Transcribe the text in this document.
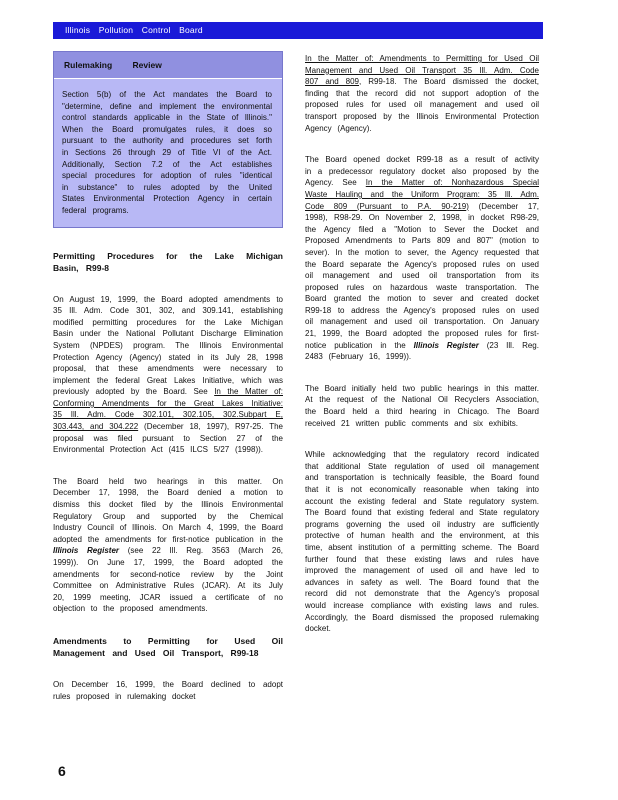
Illinois Pollution Control Board
Rulemaking Review
Section 5(b) of the Act mandates the Board to "determine, define and implement the environmental control standards applicable in the State of Illinois." When the Board promulgates rules, it does so pursuant to the authority and procedures set forth in Sections 26 through 29 of Title VI of the Act. Additionally, Section 7.2 of the Act establishes special procedures for adoption of rules "identical in substance" to rules adopted by the United States Environmental Protection Agency in certain federal programs.
Permitting Procedures for the Lake Michigan Basin, R99-8

On August 19, 1999, the Board adopted amendments to 35 Ill. Adm. Code 301, 302, and 309.141, establishing modified permitting procedures for the Lake Michigan Basin under the National Pollutant Discharge Elimination System (NPDES) program. The Illinois Environmental Protection Agency (Agency) stated in its July 28, 1998 proposal, that these amendments were necessary to implement the federal Great Lakes Initiative, which was previously adopted by the Board. See In the Matter of: Conforming Amendments for the Great Lakes Initiative: 35 Ill. Adm. Code 302.101, 302.105, 302.Subpart E, 303.443, and 304.222 (December 18, 1997), R97-25. The proposal was filed pursuant to Section 27 of the Environmental Protection Act (415 ILCS 5/27 (1998)).

The Board held two hearings in this matter. On December 17, 1998, the Board denied a motion to dismiss this docket filed by the Illinois Environmental Regulatory Group and supported by the Chemical Industry Council of Illinois. On March 4, 1999, the Board adopted the amendments for first-notice publication in the Illinois Register (see 22 Ill. Reg. 3563 (March 26, 1999)). On June 17, 1999, the Board adopted the amendments for second-notice review by the Joint Committee on Administrative Rules (JCAR). At its July 20, 1999 meeting, JCAR issued a certificate of no objection to the proposed amendments.

Amendments to Permitting for Used Oil Management and Used Oil Transport, R99-18

On December 16, 1999, the Board declined to adopt rules proposed in rulemaking docket

In the Matter of: Amendments to Permitting for Used Oil Management and Used Oil Transport 35 Ill. Adm. Code 807 and 809, R99-18. The Board dismissed the docket, finding that the record did not support adoption of the proposed rules for used oil management and used oil transport proposed by the Illinois Environmental Protection Agency (Agency).

The Board opened docket R99-18 as a result of activity in a predecessor regulatory docket also proposed by the Agency. See In the Matter of: Nonhazardous Special Waste Hauling and the Uniform Program: 35 Ill. Adm. Code 809 (Pursuant to P.A. 90-219) (December 17, 1998), R98-29. On November 2, 1998, in docket R98-29, the Agency filed a "Motion to Sever the Docket and Proposed Amendments to Parts 809 and 807" (motion to sever). In the motion to sever, the Agency requested that the Board separate the Agency's proposed rules on used oil management and used oil transportation from its proposed rules on hazardous waste transportation. The Board granted the motion to sever and created docket R99-18 to address the Agency's proposed rules on used oil management and used oil transportation. On January 21, 1999, the Board adopted the proposed rules for first-notice publication in the Illinois Register (23 Ill. Reg. 2483 (February 16, 1999)).

The Board initially held two public hearings in this matter. At the request of the National Oil Recyclers Association, the Board held a third hearing in Chicago. The Board received 21 written public comments and six exhibits.

While acknowledging that the regulatory record indicated that additional State regulation of used oil management and transportation is technically feasible, the Board found that it is not economically reasonable when taking into account the existing federal and State regulatory system. The Board found that existing federal and State regulatory programs governing the used oil industry are sufficiently protective of human health and the environment, at this time, absent institution of a permitting scheme. The Board further found that these existing laws and rules have improved the management of used oil and have led to advances in safety as well. The Board found that the record did not demonstrate that the Agency's proposal would increase compliance with existing laws and rules. Accordingly, the Board dismissed the proposed rulemaking docket.

6
